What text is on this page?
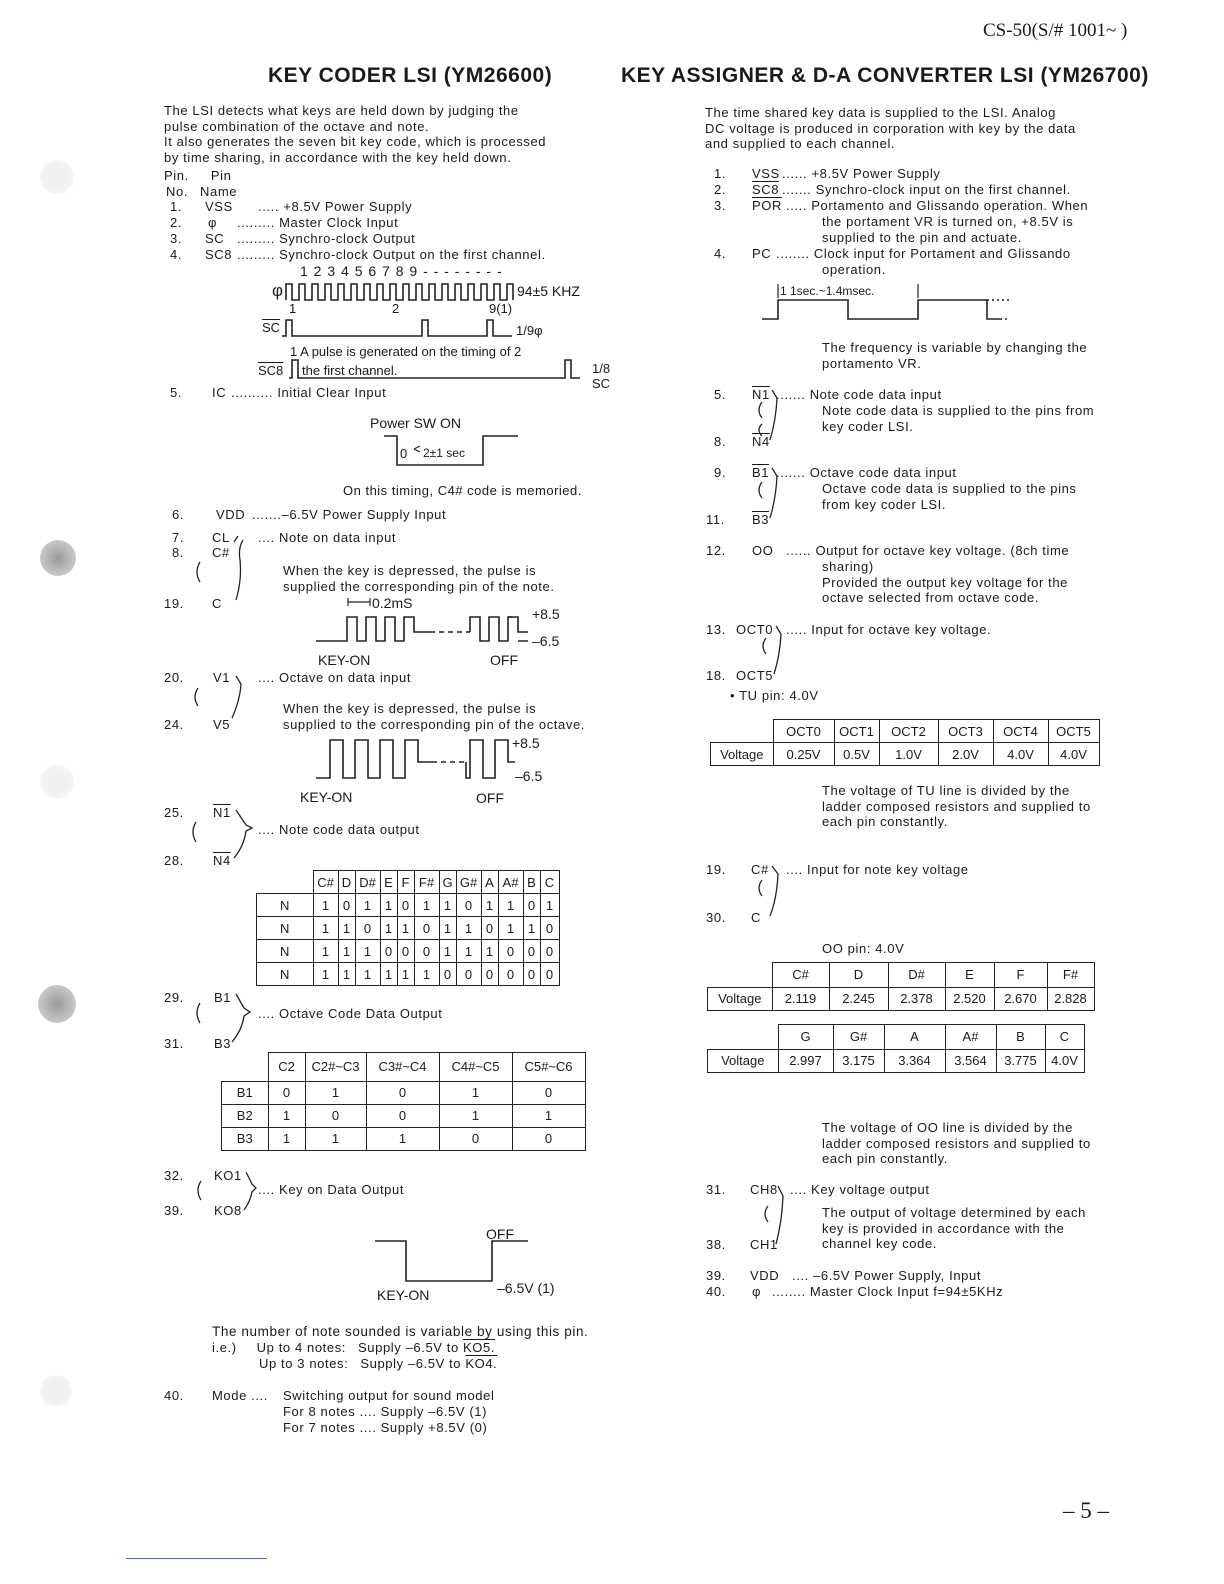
CS-50(S/# 1001~ )
– 5 –
KEY CODER LSI (YM26600)
The LSI detects what keys are held down by judging the
pulse combination of the octave and note.
It also generates the seven bit key code, which is processed
by time sharing, in accordance with the key held down.
Pin. Pin
No. Name
1. VSS ..... +8.5V Power Supply
2. φ ......... Master Clock Input
3. SC ......... Synchro-clock Output
4. SC8 ......... Synchro-clock Output on the first channel.
1 2 3 4 5 6 7 8 9 - - - - - - - -
φ	94±5 KHZ
1	2	9(1)
$\overline{SC}$	1/9φ
1 A pulse is generated on the timing of 2
SC8 the first channel.	1/8
SC
5. IC .......... Initial Clear Input
Power SW ON
0 2±1 sec
On this timing, C4# code is memoried.
6. VDD .......–6.5V Power Supply Input
7. CL
8. C#
19. C
.... Note on data input
When the key is depressed, the pulse is
supplied the corresponding pin of the note.
0.2mS
+8.5
–6.5
KEY-ON	OFF
20. V1
24. V5
.... Octave on data input
When the key is depressed, the pulse is
supplied to the corresponding pin of the octave.
+8.5
–6.5
KEY-ON	OFF
25. N1
28. N4
.... Note code data output
	C#	D	D#	E	F	F#	G	G#	A	A#	B	C
N	1	0	1	1	0	1	1	0	1	1	0	1
N	1	1	0	1	1	0	1	1	0	1	1	0
N	1	1	1	0	0	0	1	1	1	0	0	0
N	1	1	1	1	1	1	0	0	0	0	0	0
29. B1
31. B3
.... Octave Code Data Output
	C2	C2#~C3	C3#~C4	C4#~C5	C5#~C6
B1	0	1	0	1	0
B2	1	0	0	1	1
B3	1	1	1	0	0
32. KO1
39. KO8
.... Key on Data Output
OFF
–6.5V (1)
KEY-ON
The number of note sounded is variable by using this pin.
i.e.) Up to 4 notes: Supply –6.5V to KO5.
Up to 3 notes: Supply –6.5V to KO4.
40. Mode .... Switching output for sound model
For 8 notes .... Supply –6.5V (1)
For 7 notes .... Supply +8.5V (0)
KEY ASSIGNER & D-A CONVERTER LSI (YM26700)
The time shared key data is supplied to the LSI. Analog
DC voltage is produced in corporation with key by the data
and supplied to each channel.
1. VSS ...... +8.5V Power Supply
2. SC8 ....... Synchro-clock input on the first channel.
3. $\overline{POR}$ ..... Portamento and Glissando operation. When
the portament VR is turned on, +8.5V is
supplied to the pin and actuate.
4. PC ........ Clock input for Portament and Glissando
operation.
1 1sec.~1.4msec.
The frequency is variable by changing the
portamento VR.
5. N1 ....... Note code data input
Note code data is supplied to the pins from
key coder LSI.
8. N4
9. B1 ....... Octave code data input
Octave code data is supplied to the pins
from key coder LSI.
11. B3
12. OO ...... Output for octave key voltage. (8ch time
sharing)
Provided the output key voltage for the
octave selected from octave code.
13. OCT0 ..... Input for octave key voltage.
18. OCT5
• TU pin: 4.0V
	OCT0	OCT1	OCT2	OCT3	OCT4	OCT5
Voltage	0.25V	0.5V	1.0V	2.0V	4.0V	4.0V
The voltage of TU line is divided by the
ladder composed resistors and supplied to
each pin constantly.
19. C# .... Input for note key voltage
30. C
OO pin: 4.0V
	C#	D	D#	E	F	F#
Voltage	2.119	2.245	2.378	2.520	2.670	2.828
	G	G#	A	A#	B	C
Voltage	2.997	3.175	3.364	3.564	3.775	4.0V
The voltage of OO line is divided by the
ladder composed resistors and supplied to
each pin constantly.
31. CH8 .... Key voltage output
The output of voltage determined by each
key is provided in accordance with the
channel key code.
38. CH1
39. VDD .... –6.5V Power Supply, Input
40. φ ........ Master Clock Input f=94±5KHz
